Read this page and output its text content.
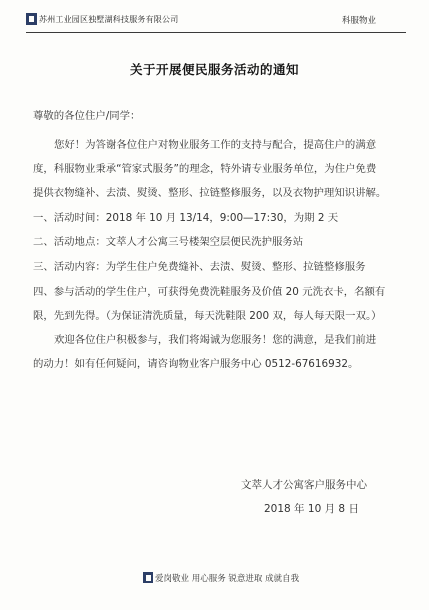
苏州工业园区独墅湖科技服务有限公司	科服物业
关于开展便民服务活动的通知
尊敬的各位住户/同学：
您好！为答谢各位住户对物业服务工作的支持与配合，提高住户的满意
度，科服物业秉承“管家式服务”的理念，特外请专业服务单位，为住户免费
提供衣物缝补、去渍、熨烫、整形、拉链整修服务，以及衣物护理知识讲解。
一、活动时间：2018 年 10 月 13/14，9:00—17:30，为期 2 天
二、活动地点：文萃人才公寓三号楼架空层便民洗护服务站
三、活动内容：为学生住户免费缝补、去渍、熨烫、整形、拉链整修服务
四、参与活动的学生住户，可获得免费洗鞋服务及价值 20 元洗衣卡，名额有
限，先到先得。（为保证清洗质量，每天洗鞋限 200 双，每人每天限一双。）
欢迎各位住户积极参与，我们将竭诚为您服务！您的满意，是我们前进
的动力！如有任何疑问，请咨询物业客户服务中心 0512-67616932。
文萃人才公寓客户服务中心
2018 年 10 月 8 日
爱岗敬业 用心服务 锐意进取 成就自我
